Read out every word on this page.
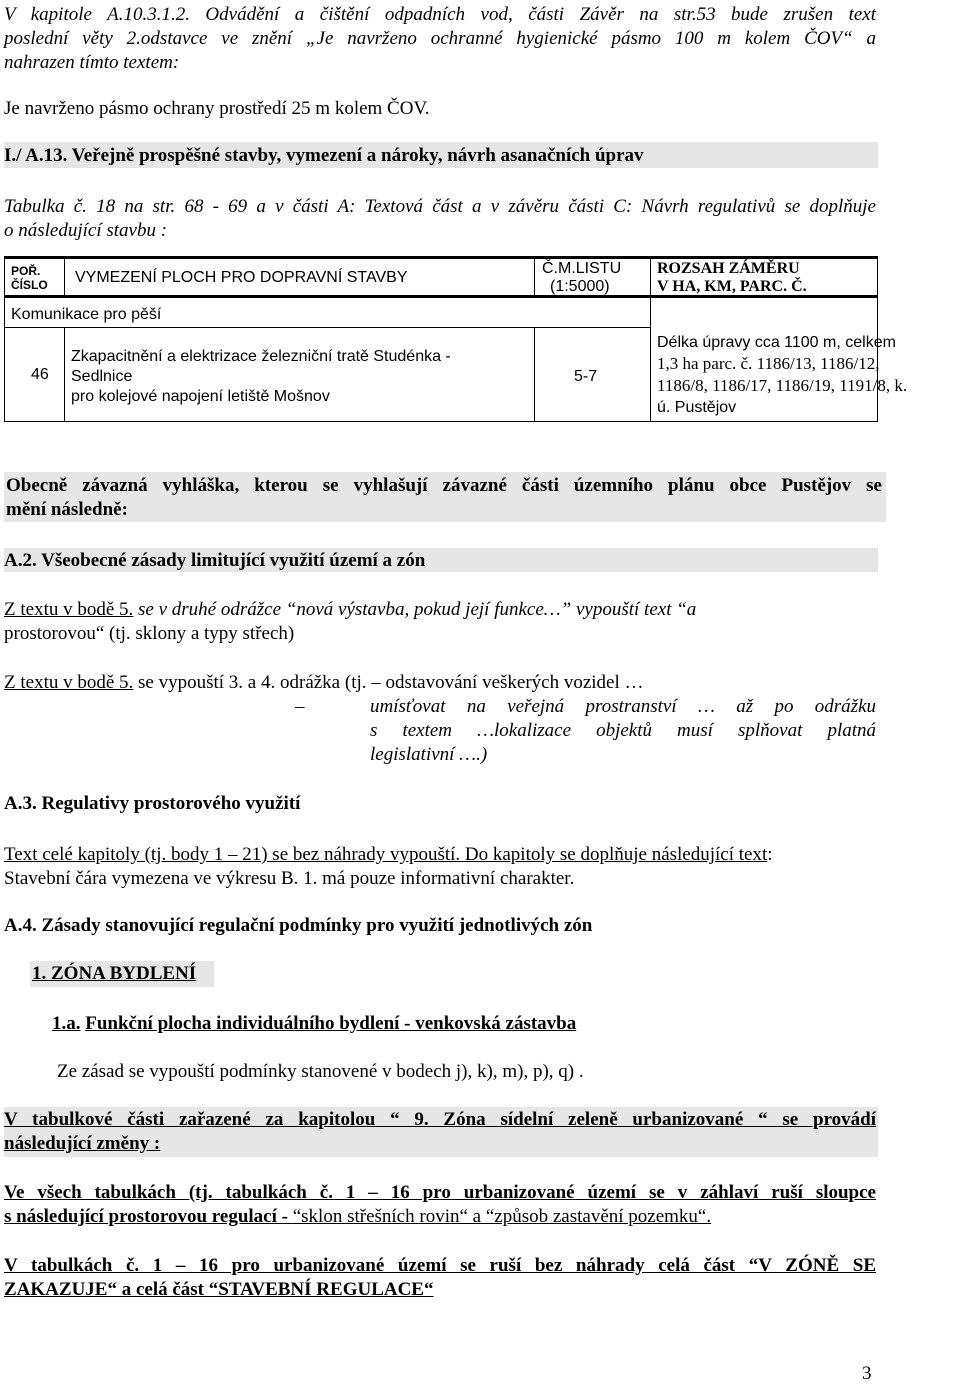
V kapitole A.10.3.1.2. Odvádění a čištění odpadních vod, části Závěr na str.53 bude zrušen text

poslední věty 2.odstavce ve znění „Je navrženo ochranné hygienické pásmo 100 m kolem ČOV“ a

nahrazen tímto textem:

Je navrženo pásmo ochrany prostředí 25 m kolem ČOV.

I./ A.13. Veřejně prospěšné stavby, vymezení a nároky, návrh asanačních úprav

Tabulka č. 18 na str. 68 - 69 a v části A: Textová část a v závěru části C: Návrh regulativů se doplňuje

o následující stavbu :

POŘ.
ČÍSLO VYMEZENÍ PLOCH PRO DOPRAVNÍ STAVBY
Č.M.LISTU
(1:5000)
ROZSAH ZÁMĚRU
V HA, KM, PARC. Č.
Komunikace pro pěší
46
Zkapacitnění a elektrizace železniční tratě Studénka -
Sedlnice
pro kolejové napojení letiště Mošnov
5-7
Délka úpravy cca 1100 m, celkem
1,3 ha parc. č. 1186/13, 1186/12,
1186/8, 1186/17, 1186/19, 1191/8, k.
ú. Pustějov

Obecně závazná vyhláška, kterou se vyhlašují závazné části územního plánu obce Pustějov se

mění následně:

A.2. Všeobecné zásady limitující využití území a zón

Z textu v bodě 5. se v druhé odrážce “nová výstavba, pokud její funkce…” vypouští text “a

prostorovou“ (tj. sklony a typy střech)

Z textu v bodě 5. se vypouští 3. a 4. odrážka (tj. – odstavování veškerých vozidel …

–	umísťovat na veřejná prostranství … až po odrážku

s textem …lokalizace objektů musí splňovat platná

legislativní ….)

A.3. Regulativy prostorového využití

Text celé kapitoly (tj. body 1 – 21) se bez náhrady vypouští. Do kapitoly se doplňuje následující text:

Stavební čára vymezena ve výkresu B. 1. má pouze informativní charakter.

A.4. Zásady stanovující regulační podmínky pro využití jednotlivých zón

1. ZÓNA BYDLENÍ

1.a. Funkční plocha individuálního bydlení - venkovská zástavba

Ze zásad se vypouští podmínky stanovené v bodech j), k), m), p), q) .

V tabulkové části zařazené za kapitolou “ 9. Zóna sídelní zeleně urbanizované “ se provádí

následující změny :

Ve všech tabulkách (tj. tabulkách č. 1 – 16 pro urbanizované území se v záhlaví ruší sloupce

s následující prostorovou regulací - “sklon střešních rovin“ a “způsob zastavění pozemku“.

V tabulkách č. 1 – 16 pro urbanizované území se ruší bez náhrady celá část “V ZÓNĚ SE

ZAKAZUJE“ a celá část “STAVEBNÍ REGULACE“

3
